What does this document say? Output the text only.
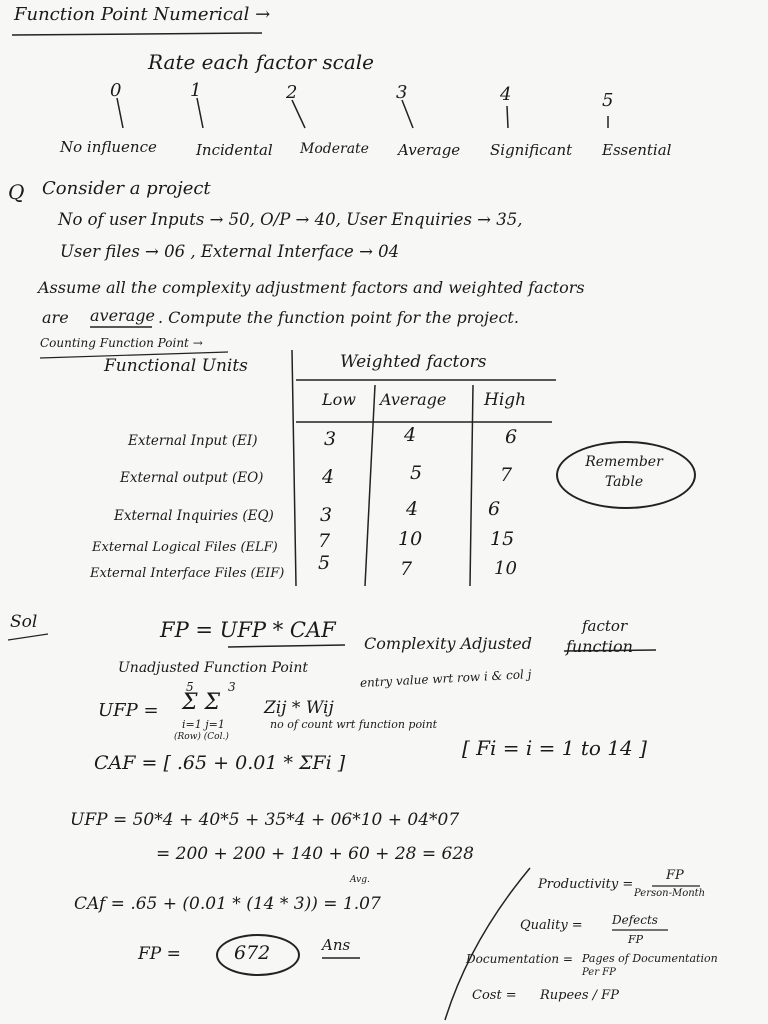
Function Point Numerical →
Rate each factor scale
0	1	2	3	4	5
No influence	Incidental Moderate Average Significant Essential
Q Consider a project
No of user Inputs → 50, O/P → 40, User Enquiries → 35,
User files → 06 , External Interface → 04
Assume all the complexity adjustment factors and weighted factors
are average . Compute the function point for the project.
Counting Function Point →
Functional Units	Weighted factors
Low Average High
External Input (EI)	3	4	6
External output (EO)	4	5	7
External Inquiries (EQ) 3	4	6
External Logical Files (ELF) 7	10	15
External Interface Files (EIF) 5	7	10
Remember Table
Sol	FP = UFP * CAF
Complexity Adjusted function
factor
Unadjusted Function Point
5	3
UFP = Σ Σ
i=1 j=1
(Row) (Col.)
Zij * Wij
entry value wrt row i & col j
no of count wrt function point
CAF = [ .65 + 0.01 * ΣFi ]
[ Fi = i = 1 to 14 ]
UFP = 50*4 + 40*5 + 35*4 + 06*10 + 04*07
= 200 + 200 + 140 + 60 + 28 = 628
Avg.
CAf = .65 + (0.01 * (14 * 3)) = 1.07
FP =	672	Ans
Productivity =
FP
Person-Month
Quality = Defects
FP
Documentation = Pages of Documentation
Per FP
Cost = Rupees / FP
